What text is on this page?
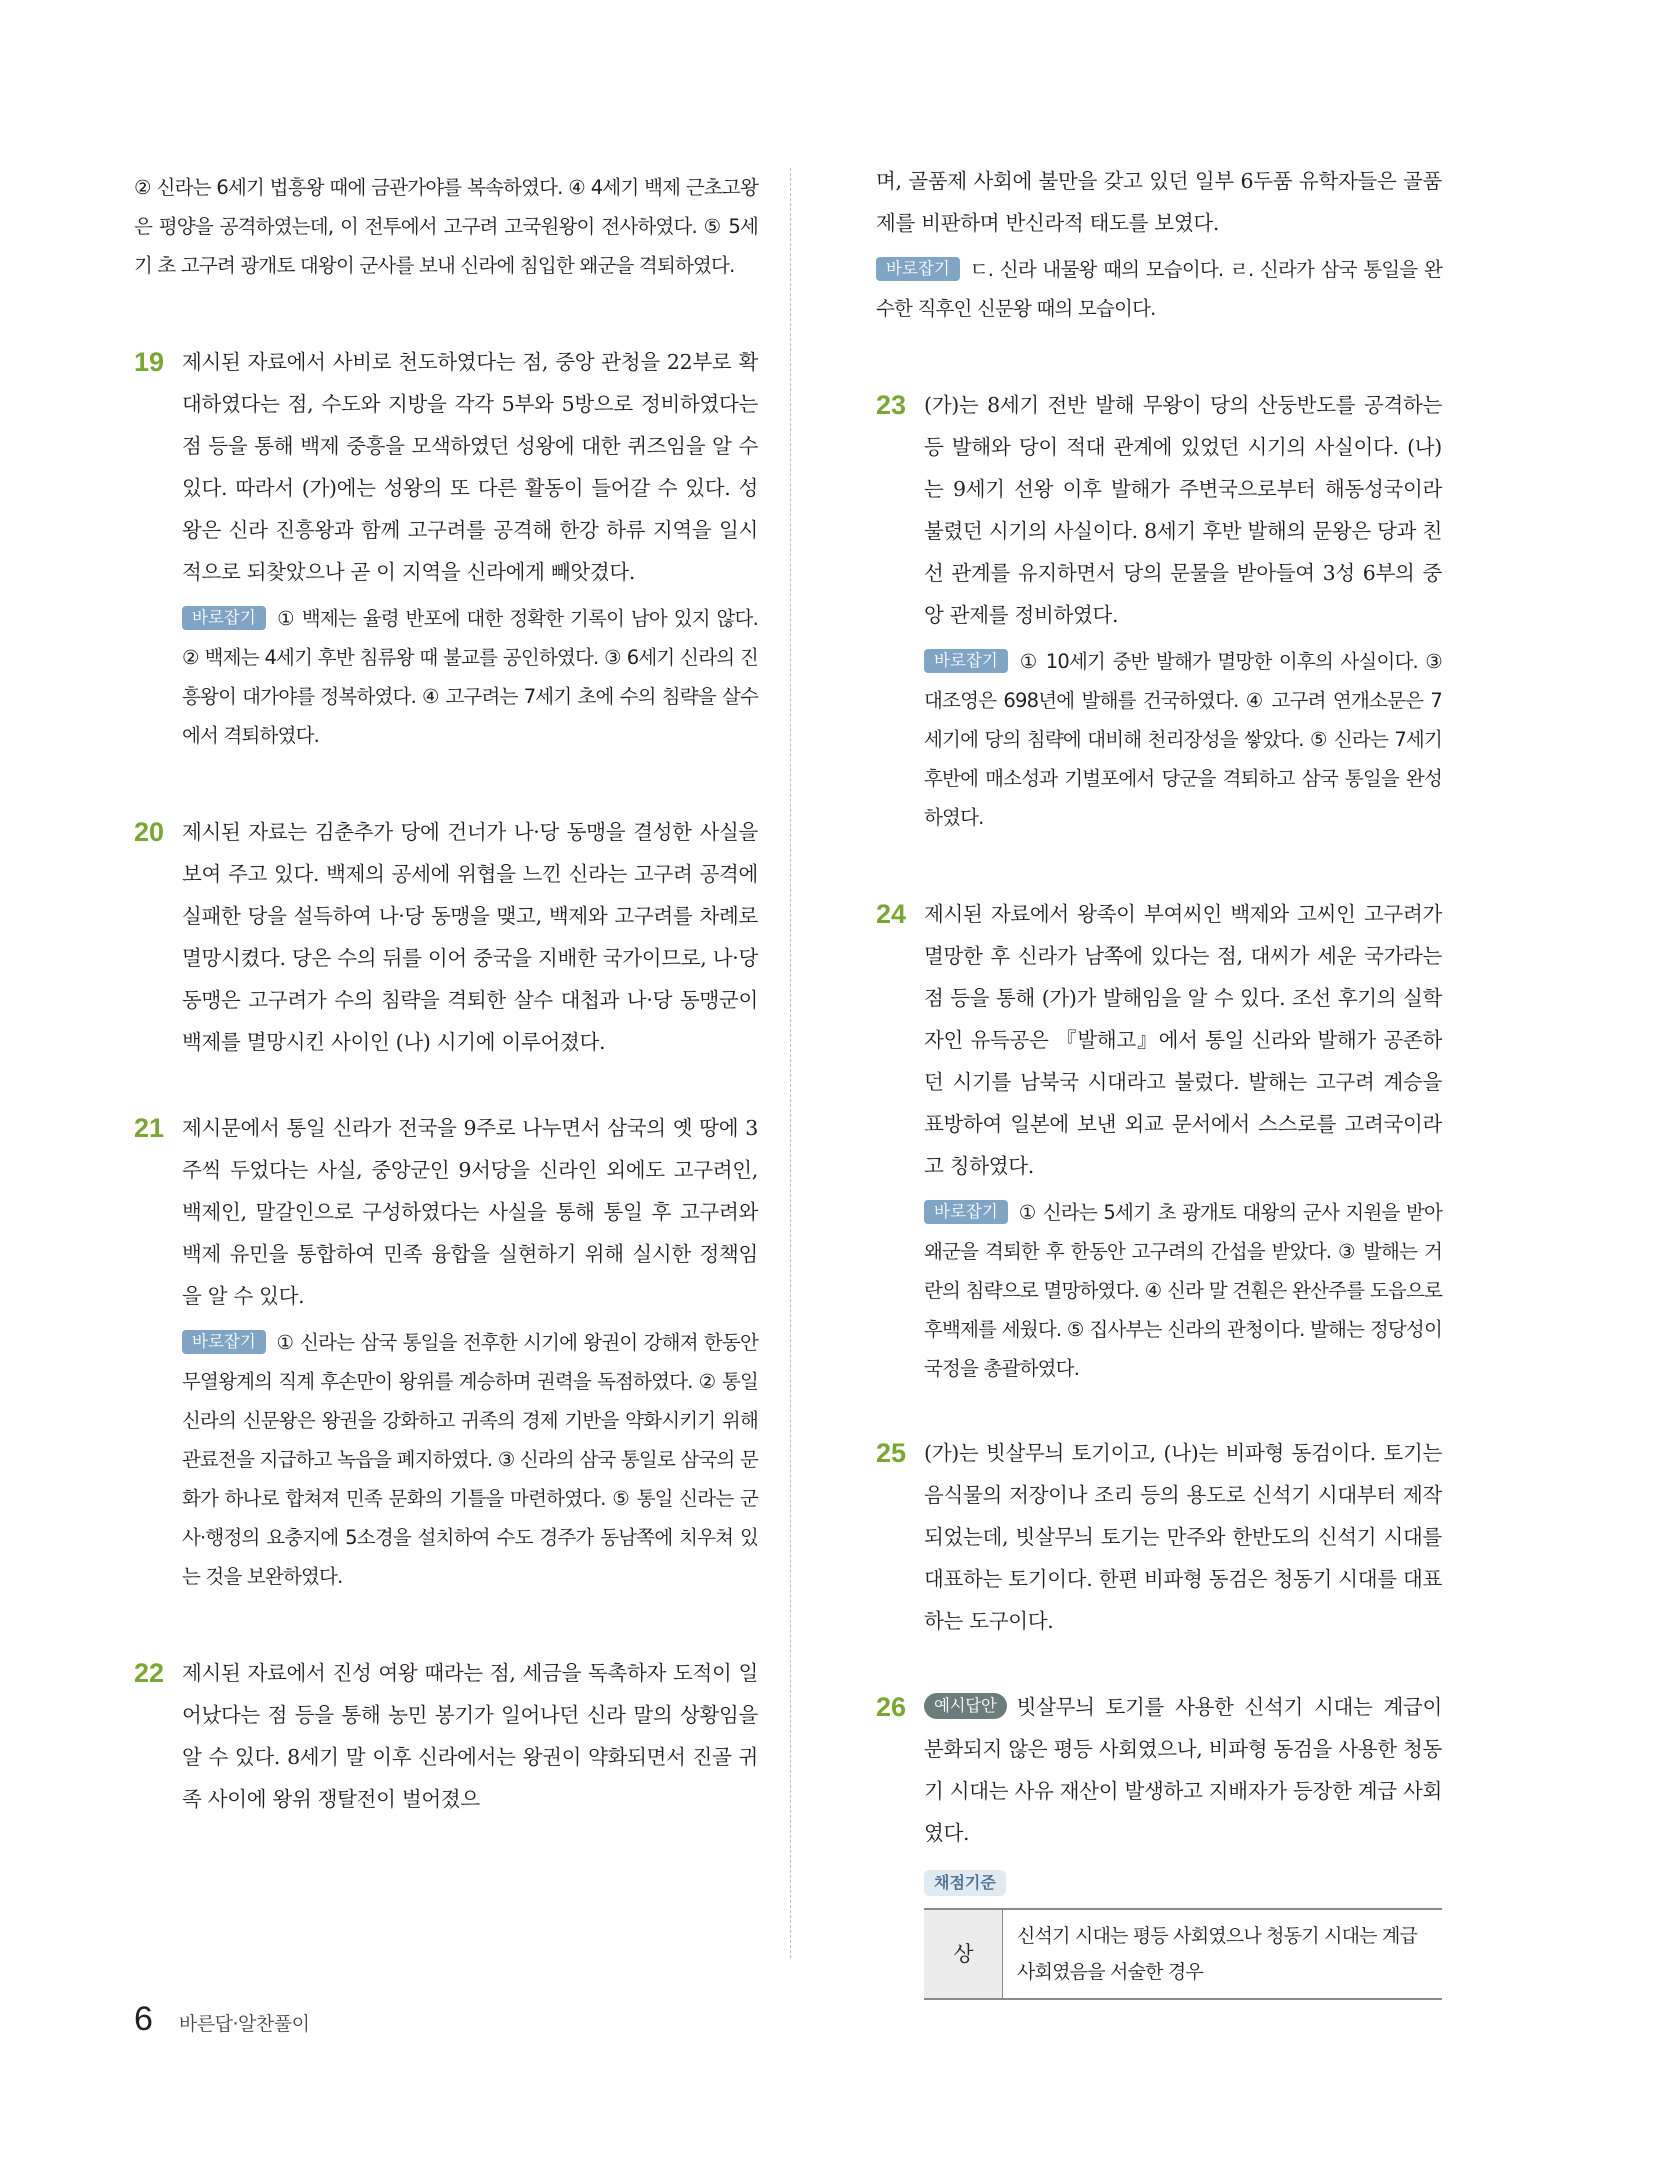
② 신라는 6세기 법흥왕 때에 금관가야를 복속하였다. ④ 4세기 백제 근초고왕은 평양을 공격하였는데, 이 전투에서 고구려 고국원왕이 전사하였다. ⑤ 5세기 초 고구려 광개토 대왕이 군사를 보내 신라에 침입한 왜군을 격퇴하였다.
19 제시된 자료에서 사비로 천도하였다는 점, 중앙 관청을 22부로 확대하였다는 점, 수도와 지방을 각각 5부와 5방으로 정비하였다는 점 등을 통해 백제 중흥을 모색하였던 성왕에 대한 퀴즈임을 알 수 있다. 따라서 (가)에는 성왕의 또 다른 활동이 들어갈 수 있다. 성왕은 신라 진흥왕과 함께 고구려를 공격해 한강 하류 지역을 일시적으로 되찾았으나 곧 이 지역을 신라에게 빼앗겼다.
바로잡기 ① 백제는 율령 반포에 대한 정확한 기록이 남아 있지 않다. ② 백제는 4세기 후반 침류왕 때 불교를 공인하였다. ③ 6세기 신라의 진흥왕이 대가야를 정복하였다. ④ 고구려는 7세기 초에 수의 침략을 살수에서 격퇴하였다.
20 제시된 자료는 김춘추가 당에 건너가 나·당 동맹을 결성한 사실을 보여 주고 있다. 백제의 공세에 위협을 느낀 신라는 고구려 공격에 실패한 당을 설득하여 나·당 동맹을 맺고, 백제와 고구려를 차례로 멸망시켰다. 당은 수의 뒤를 이어 중국을 지배한 국가이므로, 나·당 동맹은 고구려가 수의 침략을 격퇴한 살수 대첩과 나·당 동맹군이 백제를 멸망시킨 사이인 (나) 시기에 이루어졌다.
21 제시문에서 통일 신라가 전국을 9주로 나누면서 삼국의 옛 땅에 3주씩 두었다는 사실, 중앙군인 9서당을 신라인 외에도 고구려인, 백제인, 말갈인으로 구성하였다는 사실을 통해 통일 후 고구려와 백제 유민을 통합하여 민족 융합을 실현하기 위해 실시한 정책임을 알 수 있다.
바로잡기 ① 신라는 삼국 통일을 전후한 시기에 왕권이 강해져 한동안 무열왕계의 직계 후손만이 왕위를 계승하며 권력을 독점하였다. ② 통일 신라의 신문왕은 왕권을 강화하고 귀족의 경제 기반을 약화시키기 위해 관료전을 지급하고 녹읍을 폐지하였다. ③ 신라의 삼국 통일로 삼국의 문화가 하나로 합쳐져 민족 문화의 기틀을 마련하였다. ⑤ 통일 신라는 군사·행정의 요충지에 5소경을 설치하여 수도 경주가 동남쪽에 치우쳐 있는 것을 보완하였다.
22 제시된 자료에서 진성 여왕 때라는 점, 세금을 독촉하자 도적이 일어났다는 점 등을 통해 농민 봉기가 일어나던 신라 말의 상황임을 알 수 있다. 8세기 말 이후 신라에서는 왕권이 약화되면서 진골 귀족 사이에 왕위 쟁탈전이 벌어졌으
며, 골품제 사회에 불만을 갖고 있던 일부 6두품 유학자들은 골품제를 비판하며 반신라적 태도를 보였다.
바로잡기 ㄷ. 신라 내물왕 때의 모습이다. ㄹ. 신라가 삼국 통일을 완수한 직후인 신문왕 때의 모습이다.
23 (가)는 8세기 전반 발해 무왕이 당의 산둥반도를 공격하는 등 발해와 당이 적대 관계에 있었던 시기의 사실이다. (나)는 9세기 선왕 이후 발해가 주변국으로부터 해동성국이라 불렸던 시기의 사실이다. 8세기 후반 발해의 문왕은 당과 친선 관계를 유지하면서 당의 문물을 받아들여 3성 6부의 중앙 관제를 정비하였다.
바로잡기 ① 10세기 중반 발해가 멸망한 이후의 사실이다. ③ 대조영은 698년에 발해를 건국하였다. ④ 고구려 연개소문은 7세기에 당의 침략에 대비해 천리장성을 쌓았다. ⑤ 신라는 7세기 후반에 매소성과 기벌포에서 당군을 격퇴하고 삼국 통일을 완성하였다.
24 제시된 자료에서 왕족이 부여씨인 백제와 고씨인 고구려가 멸망한 후 신라가 남쪽에 있다는 점, 대씨가 세운 국가라는 점 등을 통해 (가)가 발해임을 알 수 있다. 조선 후기의 실학자인 유득공은 『발해고』에서 통일 신라와 발해가 공존하던 시기를 남북국 시대라고 불렀다. 발해는 고구려 계승을 표방하여 일본에 보낸 외교 문서에서 스스로를 고려국이라고 칭하였다.
바로잡기 ① 신라는 5세기 초 광개토 대왕의 군사 지원을 받아 왜군을 격퇴한 후 한동안 고구려의 간섭을 받았다. ③ 발해는 거란의 침략으로 멸망하였다. ④ 신라 말 견훤은 완산주를 도읍으로 후백제를 세웠다. ⑤ 집사부는 신라의 관청이다. 발해는 정당성이 국정을 총괄하였다.
25 (가)는 빗살무늬 토기이고, (나)는 비파형 동검이다. 토기는 음식물의 저장이나 조리 등의 용도로 신석기 시대부터 제작되었는데, 빗살무늬 토기는 만주와 한반도의 신석기 시대를 대표하는 토기이다. 한편 비파형 동검은 청동기 시대를 대표하는 도구이다.
26	예시답안 빗살무늬 토기를 사용한 신석기 시대는 계급이 분화되지 않은 평등 사회였으나, 비파형 동검을 사용한 청동기 시대는 사유 재산이 발생하고 지배자가 등장한 계급 사회였다.
채점기준
상	신석기 시대는 평등 사회였으나 청동기 시대는 계급 사회였음을 서술한 경우
6 바른답·알찬풀이
